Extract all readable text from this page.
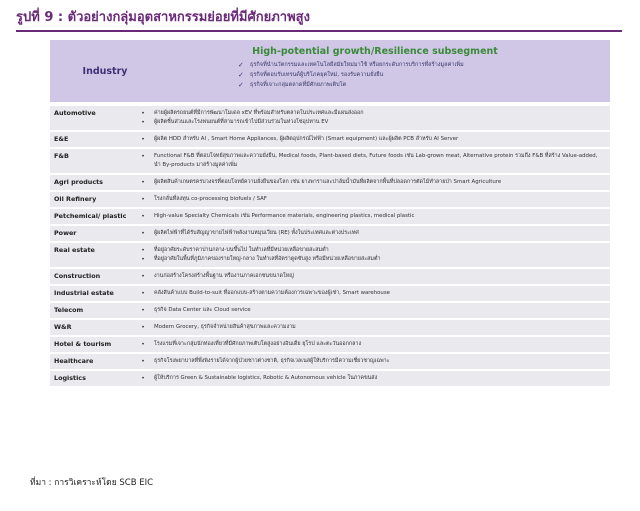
รูปที่ 9 : ตัวอย่างกลุ่มอุตสาหกรรมย่อยที่มีศักยภาพสูง
Industry
High-potential growth/Resilience subsegment
✓ ธุรกิจที่นำนวัตกรรมและเทคโนโลยีสมัยใหม่มาใช้ หรือยกระดับการบริการที่สร้างมูลค่าเพิ่ม
✓ ธุรกิจที่ตอบรับเทรนด์ผู้บริโภคยุคใหม่, รองรับความยั่งยืน
✓ ธุรกิจที่เจาะกลุ่มตลาดที่มีศักยภาพเติบโต
Automotive	•	ค่ายผู้ผลิตรถยนต์ที่มีการพัฒนาโมเดล xEV ที่พร้อมสำหรับตลาดในประเทศและมีแผนส่งออก
•	ผู้ผลิตชิ้นส่วนและโรงพ่นยนต์ที่สามารถเข้าไปมีส่วนร่วมในห่วงโซ่อุปทาน EV
E&E	•	ผู้ผลิต HDD สำหรับ AI , Smart Home Appliances, ผู้ผลิตอุปกรณ์ไฟฟ้า (Smart equipment) และผู้ผลิต PCB สำหรับ AI Server
F&B	•	Functional F&B ที่ตอบโจทย์สุขภาพและความยั่งยืน, Medical foods, Plant-based diets, Future foods เช่น Lab-grown meat, Alternative protein รวมถึง F&B ที่สร้าง Value-added, นำ By-products มาสร้างมูลค่าเพิ่ม
Agri products	•	ผู้ผลิตสินค้าเกษตรครบวงจรที่ตอบโจทย์ความยั่งยืนของโลก เช่น ยางพาราและปาล์มน้ำมันที่ผลิตจากพื้นที่ปลอดการตัดไม้ทำลายป่า Smart Agriculture
Oil Refinery	•	โรงกลั่นที่ลงทุน co-processing biofuels / SAF
Petchemical/ plastic	•	High-value Specialty Chemicals เช่น Performance materials, engineering plastics, medical plastic
Power	•	ผู้ผลิตไฟฟ้าที่ได้รับสัญญาขายไฟฟ้าพลังงานหมุนเวียน (RE) ทั้งในประเทศและต่างประเทศ
Real estate	•	ที่อยู่อาศัยระดับราคาปานกลาง-บนขึ้นไป ในทำเลที่มีหน่วยเหลือขายสะสมต่ำ
•	ที่อยู่อาศัยในพื้นที่ภูมิภาคของรายใหญ่-กลาง ในทำเลที่อัตราดูดซับสูง หรือมีหน่วยเหลือขายสะสมต่ำ
Construction	•	งานก่อสร้างโครงสร้างพื้นฐาน หรืองานภาคเอกชนขนาดใหญ่
Industrial estate	•	คลังสินค้าแบบ Build-to-suit ที่ออกแบบ-สร้างตามความต้องการเฉพาะของผู้เช่า, Smart warehouse
Telecom	•	ธุรกิจ Data Center และ Cloud service
W&R	•	Modern Grocery, ธุรกิจจำหน่ายสินค้าสุขภาพและความงาม
Hotel & tourism	•	โรงแรมที่เจาะกลุ่มนักท่องเที่ยวที่มีศักยภาพเติบโตสูงอย่างอินเดีย ยุโรป และตะวันออกกลาง
Healthcare	•	ธุรกิจโรงพยาบาลที่พึ่งพิงรายได้จากผู้ป่วยชาวต่างชาติ, ธุรกิจเวลเนสผู้ให้บริการมีความเชี่ยวชาญเฉพาะ
Logistics	•	ผู้ให้บริการ Green & Sustainable logistics, Robotic & Autonomous vehicle ในภาคขนส่ง
ที่มา : การวิเคราะห์โดย SCB EIC
